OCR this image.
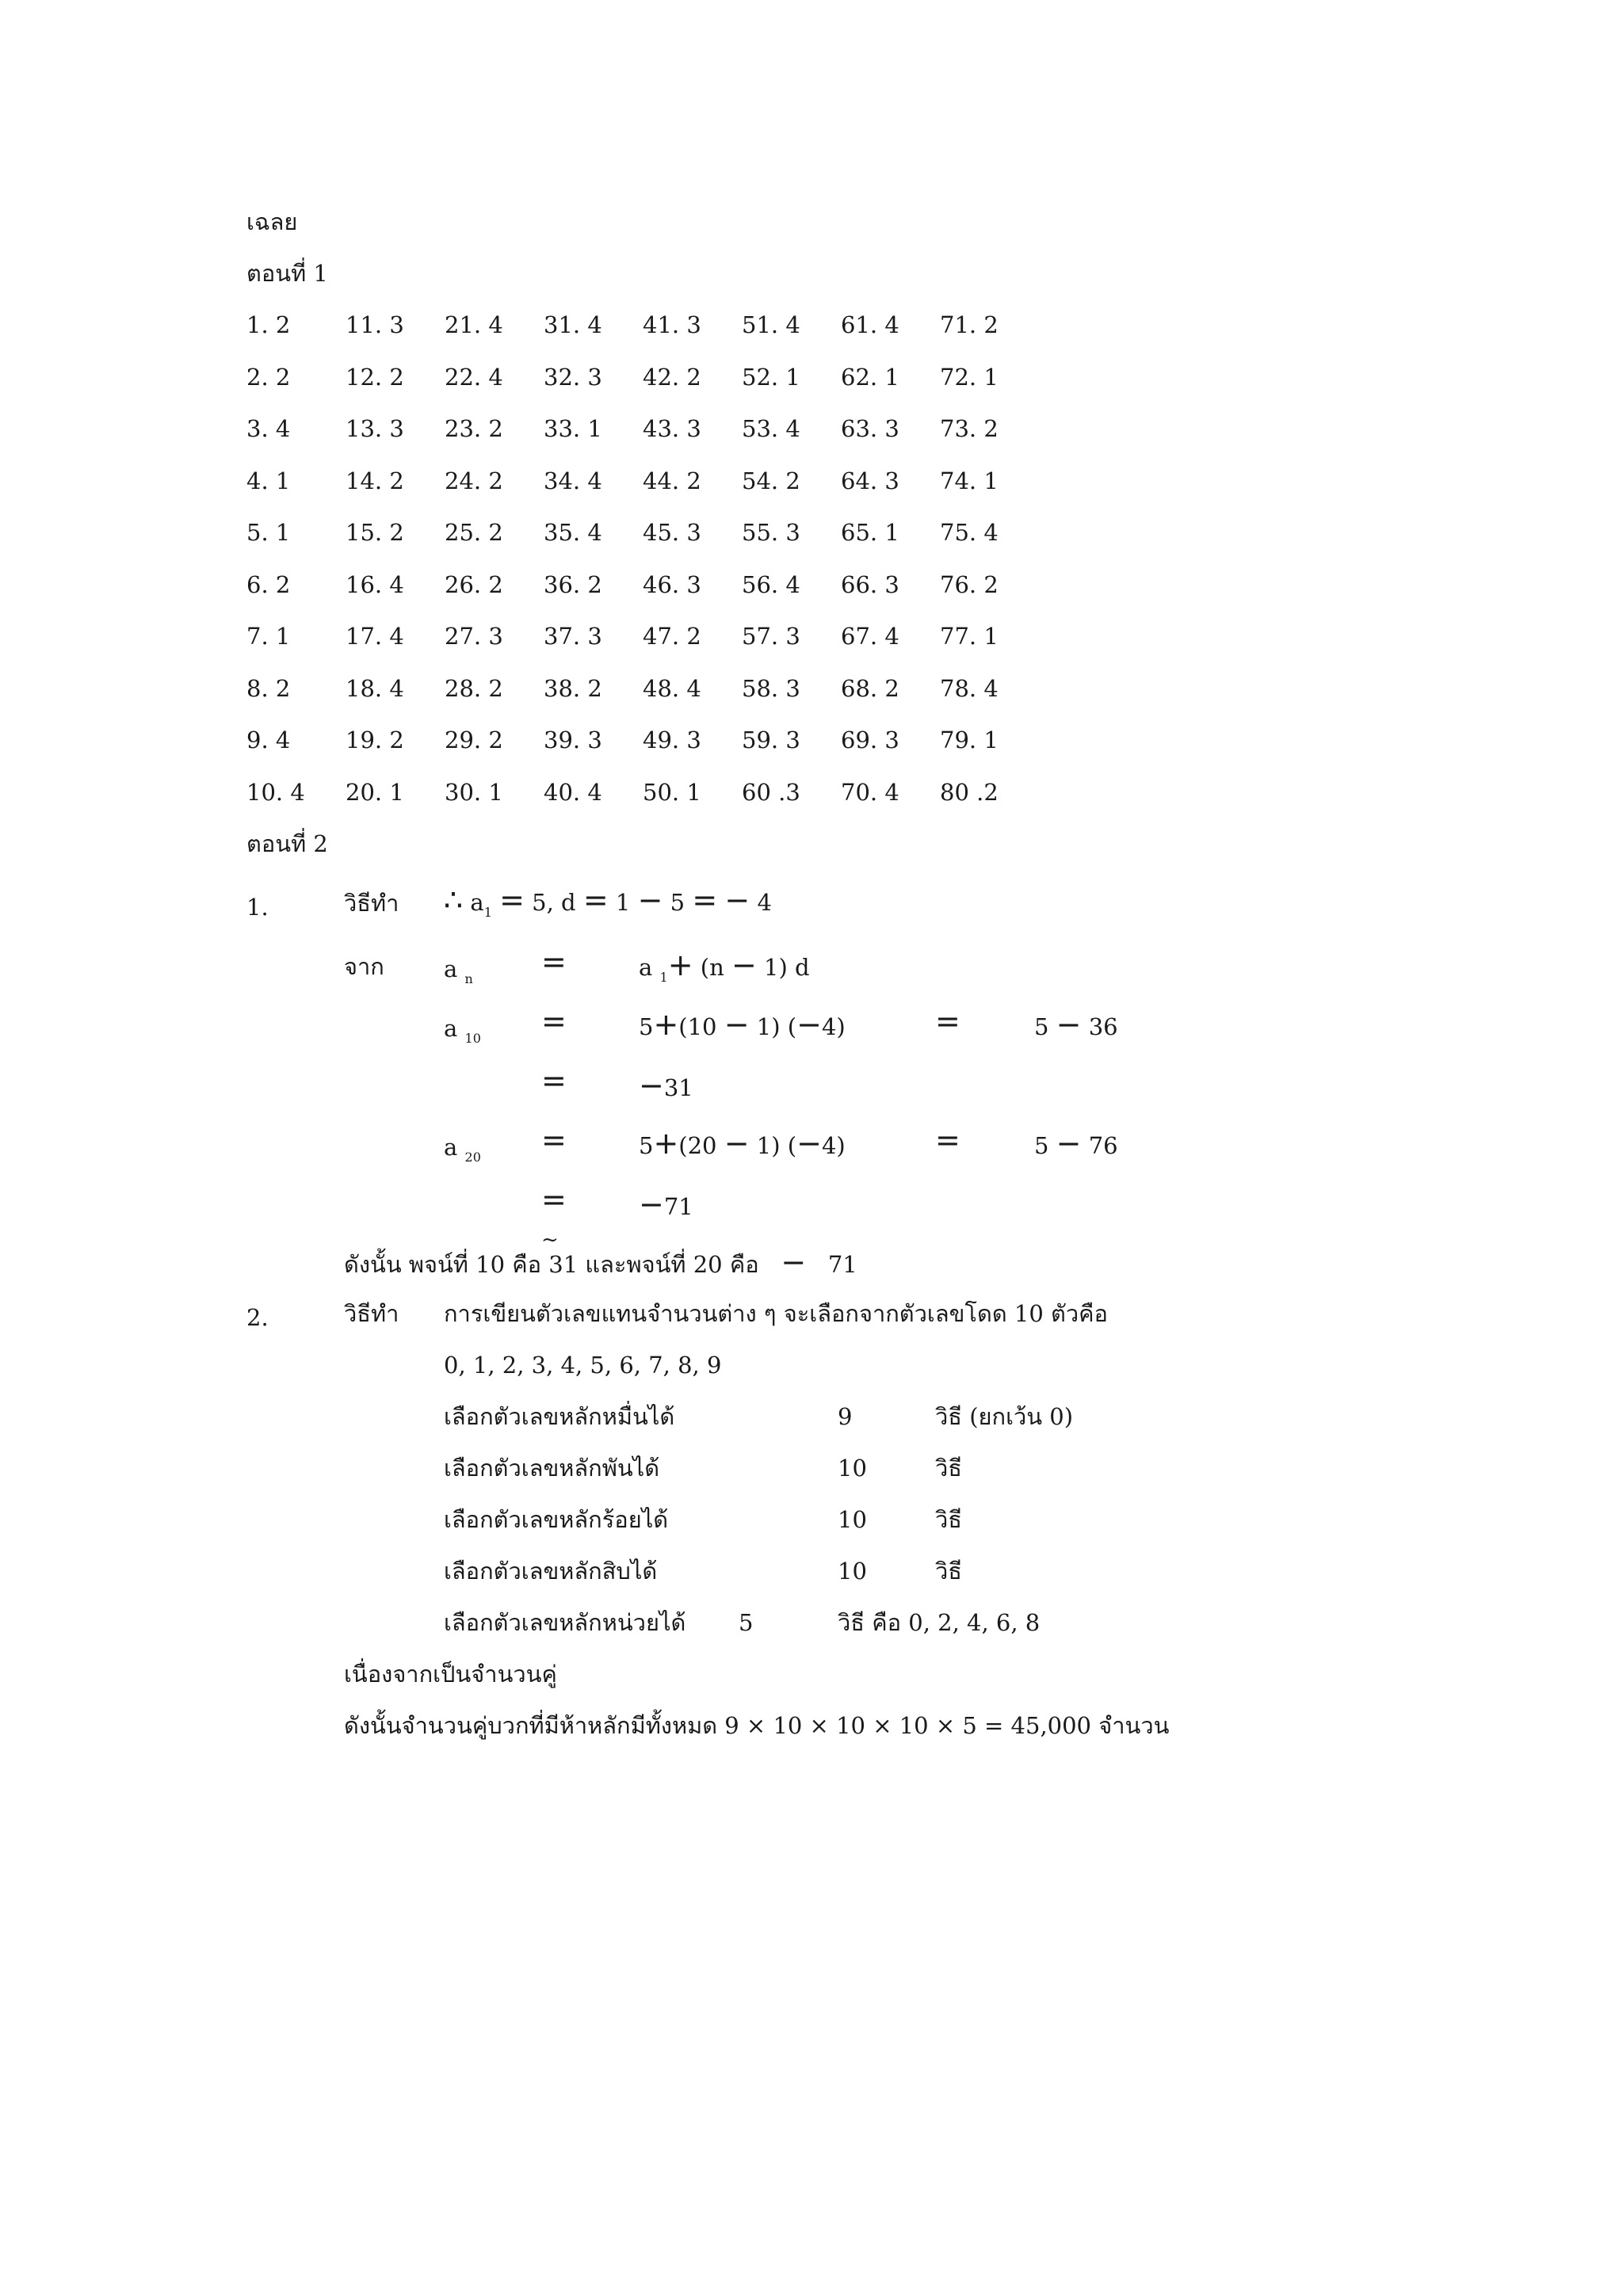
เฉลย
ตอนที่ 1
1. 2 11. 3 21. 4 31. 4 41. 3 51. 4 61. 4 71. 2
2. 2 12. 2 22. 4 32. 3 42. 2 52. 1 62. 1 72. 1
3. 4 13. 3 23. 2 33. 1 43. 3 53. 4 63. 3 73. 2
4. 1 14. 2 24. 2 34. 4 44. 2 54. 2 64. 3 74. 1
5. 1 15. 2 25. 2 35. 4 45. 3 55. 3 65. 1 75. 4
6. 2 16. 4 26. 2 36. 2 46. 3 56. 4 66. 3 76. 2
7. 1 17. 4 27. 3 37. 3 47. 2 57. 3 67. 4 77. 1
8. 2 18. 4 28. 2 38. 2 48. 4 58. 3 68. 2 78. 4
9. 4 19. 2 29. 2 39. 3 49. 3 59. 3 69. 3 79. 1
10. 4 20. 1 30. 1 40. 4 50. 1 60 .3 70. 4 80 .2
ตอนที่ 2
1.	วิธีทำ ∴ $a_1 = 5$, d = 1 − 5 = − 4
จาก	a $_n$ =	a $_1$+ (n − 1) d
a $_{10}$ =	5+(10 − 1) (−4)	=	5 − 36
= −31
a $_{20}$ =	5+(20 − 1) (−4)	=	5 − 76
= −71
ดังนั้น พจน์ที่ 10 คือ 31 และพจน์ที่ 20 คือ − 71
~
2.	วิธีทำ การเขียนตัวเลขแทนจำนวนต่าง ๆ จะเลือกจากตัวเลขโดด 10 ตัวคือ
0, 1, 2, 3, 4, 5, 6, 7, 8, 9
เลือกตัวเลขหลักหมื่นได้	9	วิธี (ยกเว้น 0)
เลือกตัวเลขหลักพันได้	10	วิธี
เลือกตัวเลขหลักร้อยได้	10	วิธี
เลือกตัวเลขหลักสิบได้	10	วิธี
เลือกตัวเลขหลักหน่วยได้ 5	วิธี คือ 0, 2, 4, 6, 8
เนื่องจากเป็นจำนวนคู่
ดังนั้นจำนวนคู่บวกที่มีห้าหลักมีทั้งหมด 9 × 10 × 10 × 10 × 5 = 45,000 จำนวน
